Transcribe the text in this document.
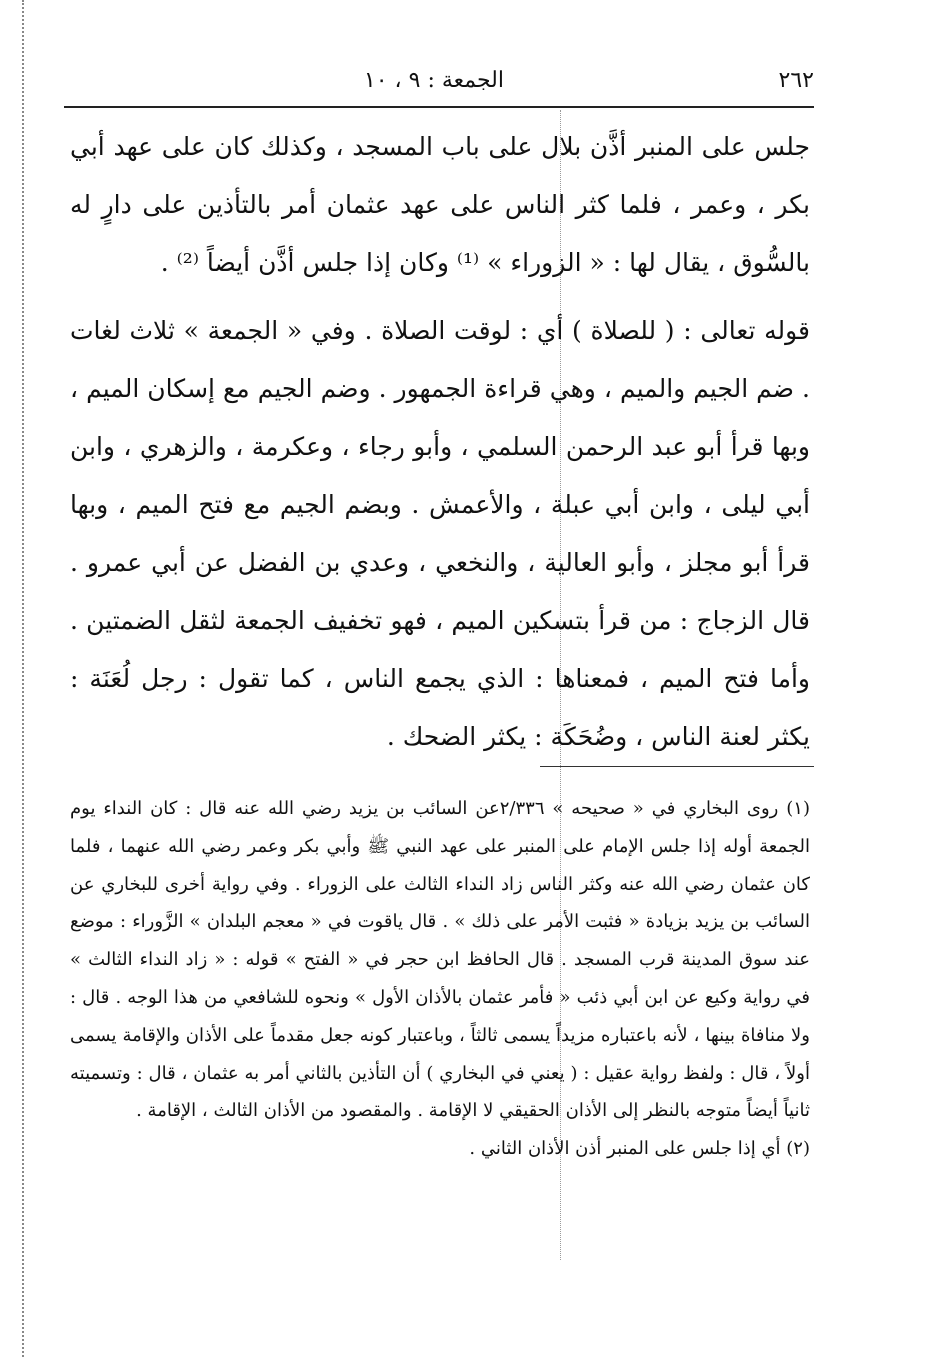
٢٦٢
الجمعة : ٩ ، ١٠

جلس على المنبر أذَّن بلال على باب المسجد ، وكذلك كان على عهد أبي بكر ، وعمر ، فلما كثر الناس على عهد عثمان أمر بالتأذين على دارٍ له بالسُّوق ، يقال لها : « الزوراء » ⁽¹⁾ وكان إذا جلس أذَّن أيضاً ⁽²⁾ .

قوله تعالى : ( للصلاة ) أي : لوقت الصلاة . وفي « الجمعة » ثلاث لغات . ضم الجيم والميم ، وهي قراءة الجمهور . وضم الجيم مع إسكان الميم ، وبها قرأ أبو عبد الرحمن السلمي ، وأبو رجاء ، وعكرمة ، والزهري ، وابن أبي ليلى ، وابن أبي عبلة ، والأعمش . وبضم الجيم مع فتح الميم ، وبها قرأ أبو مجلز ، وأبو العالية ، والنخعي ، وعدي بن الفضل عن أبي عمرو . قال الزجاج : من قرأ بتسكين الميم ، فهو تخفيف الجمعة لثقل الضمتين . وأما فتح الميم ، فمعناها : الذي يجمع الناس ، كما تقول : رجل لُعَنَة : يكثر لعنة الناس ، وضُحَكَة : يكثر الضحك .

(١) روى البخاري في « صحيحه » ٢/٣٣٦عن السائب بن يزيد رضي الله عنه قال : كان النداء يوم الجمعة أوله إذا جلس الإمام على المنبر على عهد النبي ﷺ وأبي بكر وعمر رضي الله عنهما ، فلما كان عثمان رضي الله عنه وكثر الناس زاد النداء الثالث على الزوراء . وفي رواية أخرى للبخاري عن السائب بن يزيد بزيادة « فثبت الأمر على ذلك » . قال ياقوت في « معجم البلدان » الزَّوراء : موضع عند سوق المدينة قرب المسجد . قال الحافظ ابن حجر في « الفتح » قوله : « زاد النداء الثالث » في رواية وكيع عن ابن أبي ذئب « فأمر عثمان بالأذان الأول » ونحوه للشافعي من هذا الوجه . قال : ولا منافاة بينها ، لأنه باعتباره مزيداً يسمى ثالثاً ، وباعتبار كونه جعل مقدماً على الأذان والإقامة يسمى أولاً ، قال : ولفظ رواية عقيل : ( يعني في البخاري ) أن التأذين بالثاني أمر به عثمان ، قال : وتسميته ثانياً أيضاً متوجه بالنظر إلى الأذان الحقيقي لا الإقامة . والمقصود من الأذان الثالث ، الإقامة .

(٢) أي إذا جلس على المنبر أذن الأذان الثاني .
